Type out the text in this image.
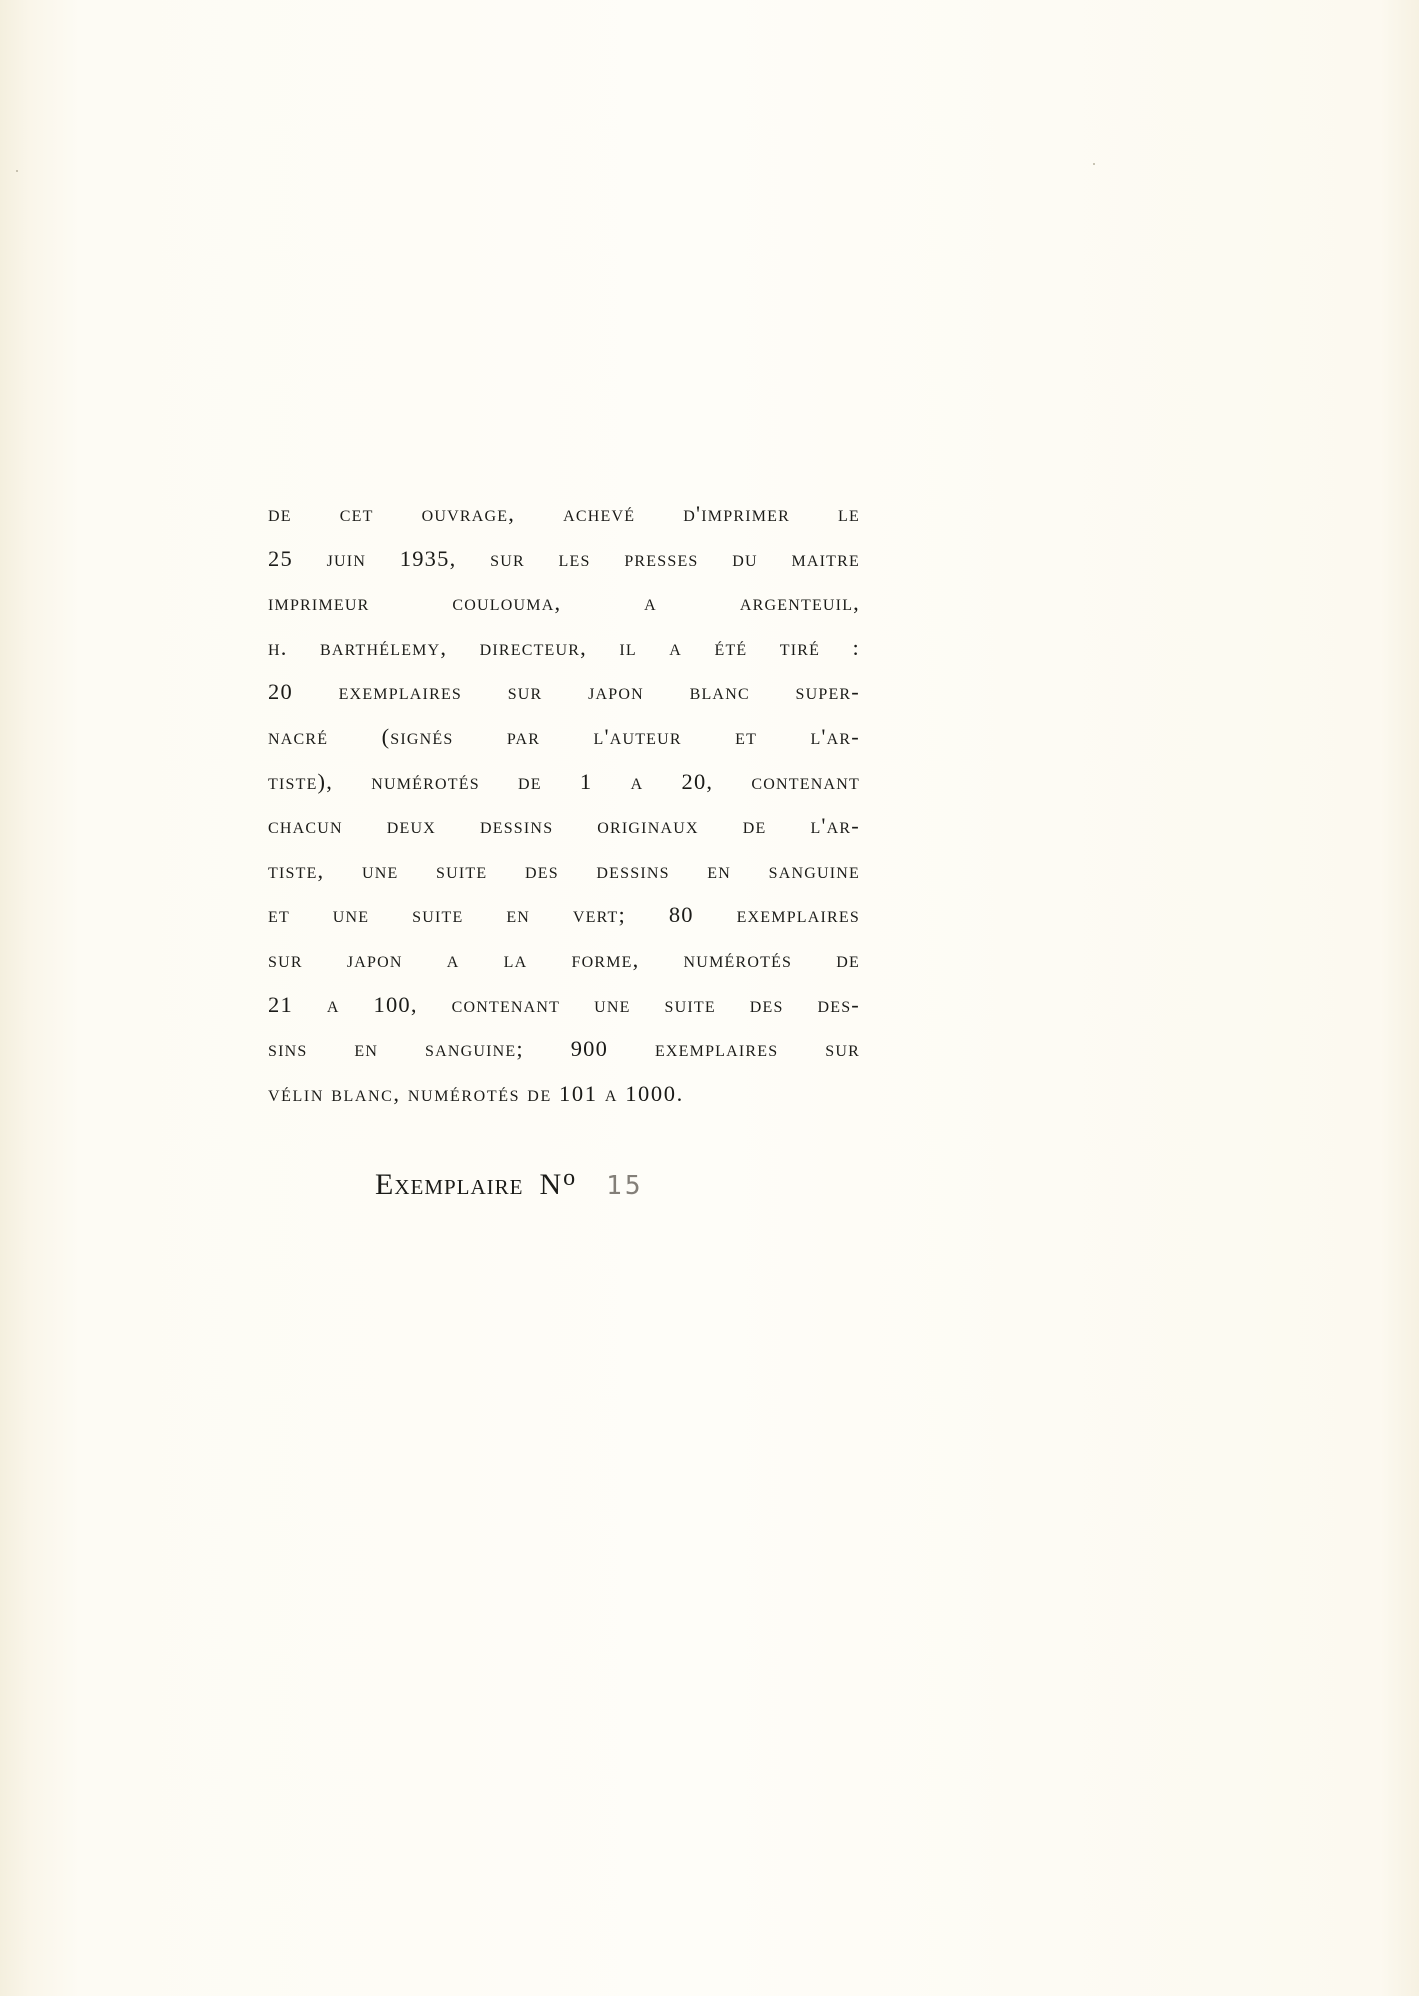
de cet ouvrage, achevé d'imprimer le
25 juin 1935, sur les presses du maitre
imprimeur coulouma, a argenteuil,
h. barthélemy, directeur, il a été tiré :
20 exemplaires sur japon blanc super-
nacré (signés par l'auteur et l'ar-
tiste), numérotés de 1 a 20, contenant
chacun deux dessins originaux de l'ar-
tiste, une suite des dessins en sanguine
et une suite en vert; 80 exemplaires
sur japon a la forme, numérotés de
21 a 100, contenant une suite des des-
sins en sanguine; 900 exemplaires sur
vélin blanc, numérotés de 101 a 1000.
Exemplaire $N^o$ 15
